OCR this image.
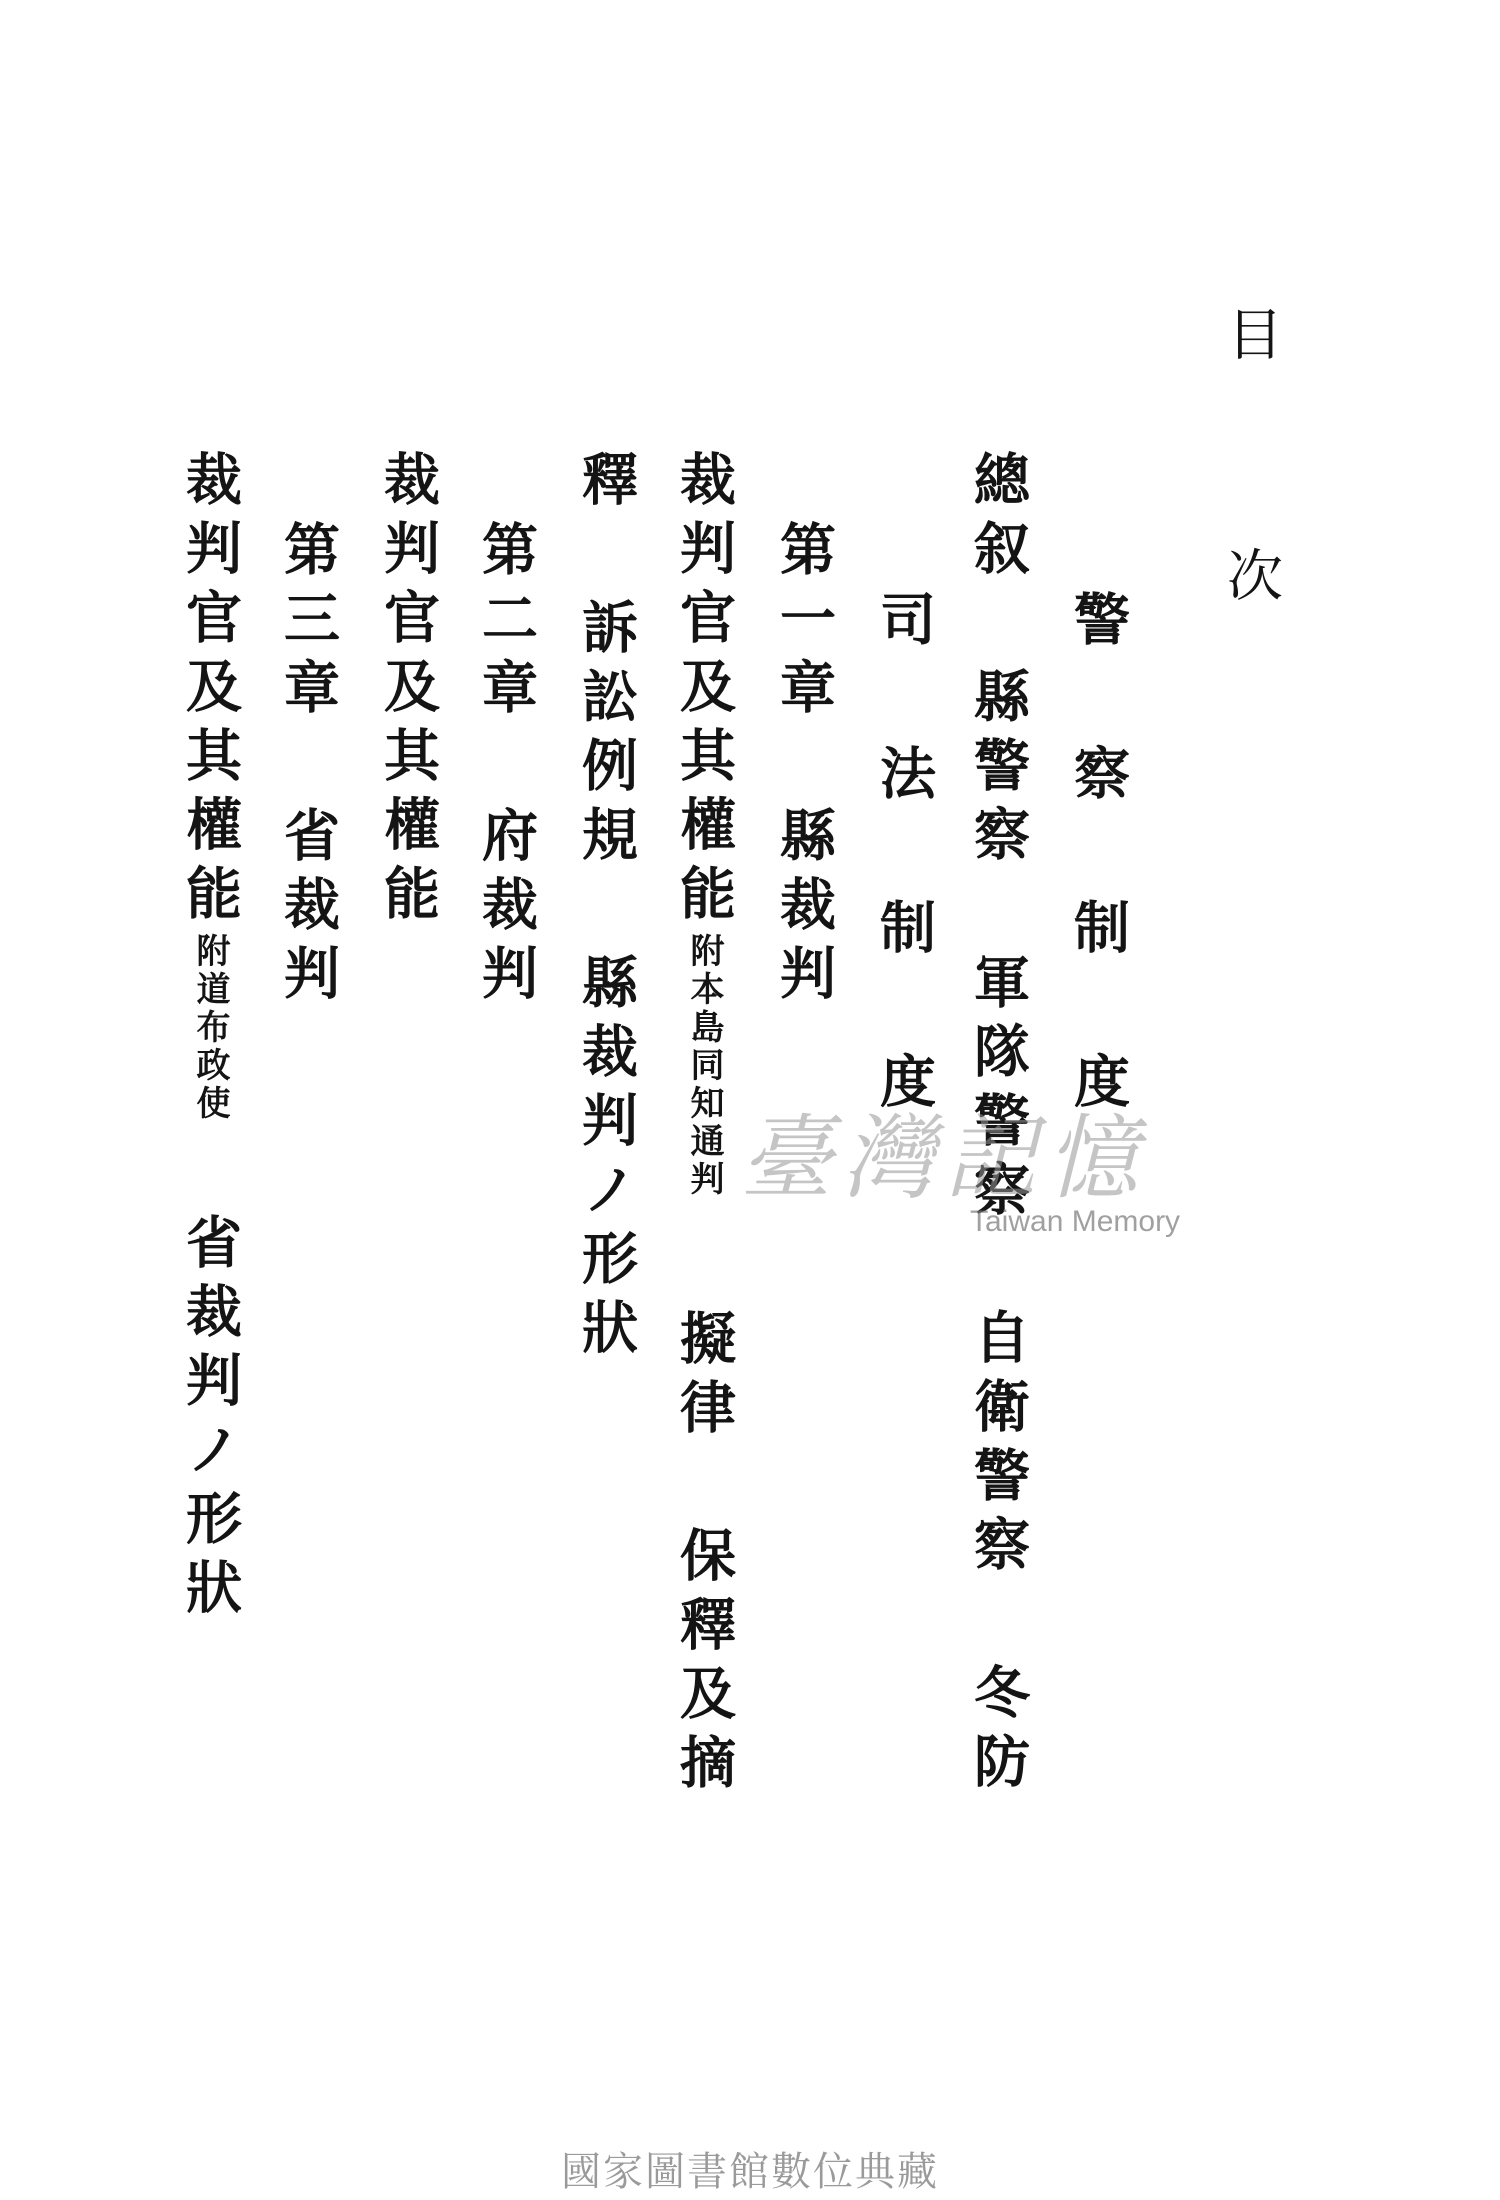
目 次
警 察 制 度
總叙 縣警察 軍隊警察 自衛警察 冬防
司 法 制 度
第一章 縣裁判
裁判官及其權能附本島同知通判擬律 保釋及摘
釋 訴訟例規 縣裁判ノ形狀
第二章 府裁判
裁判官及其權能
第三章 省裁判
裁判官及其權能附道布政使省裁判ノ形狀
臺灣記憶
Taiwan Memory
國家圖書館數位典藏
